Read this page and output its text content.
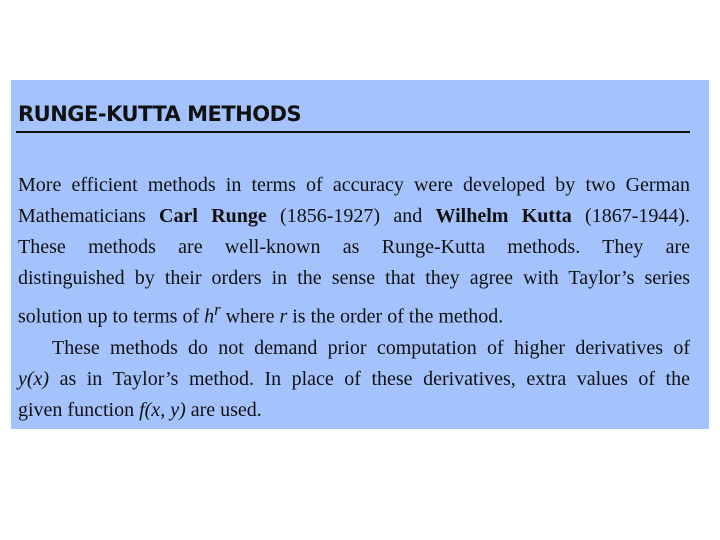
RUNGE-KUTTA METHODS

More efficient methods in terms of accuracy were developed by two German
Mathematicians Carl Runge (1856-1927) and Wilhelm Kutta (1867-1944).
These methods are well-known as Runge-Kutta methods. They are
distinguished by their orders in the sense that they agree with Taylor’s series
solution up to terms of $h^r$ where r is the order of the method.

These methods do not demand prior computation of higher derivatives of
y(x) as in Taylor’s method. In place of these derivatives, extra values of the
given function f(x, y) are used.
